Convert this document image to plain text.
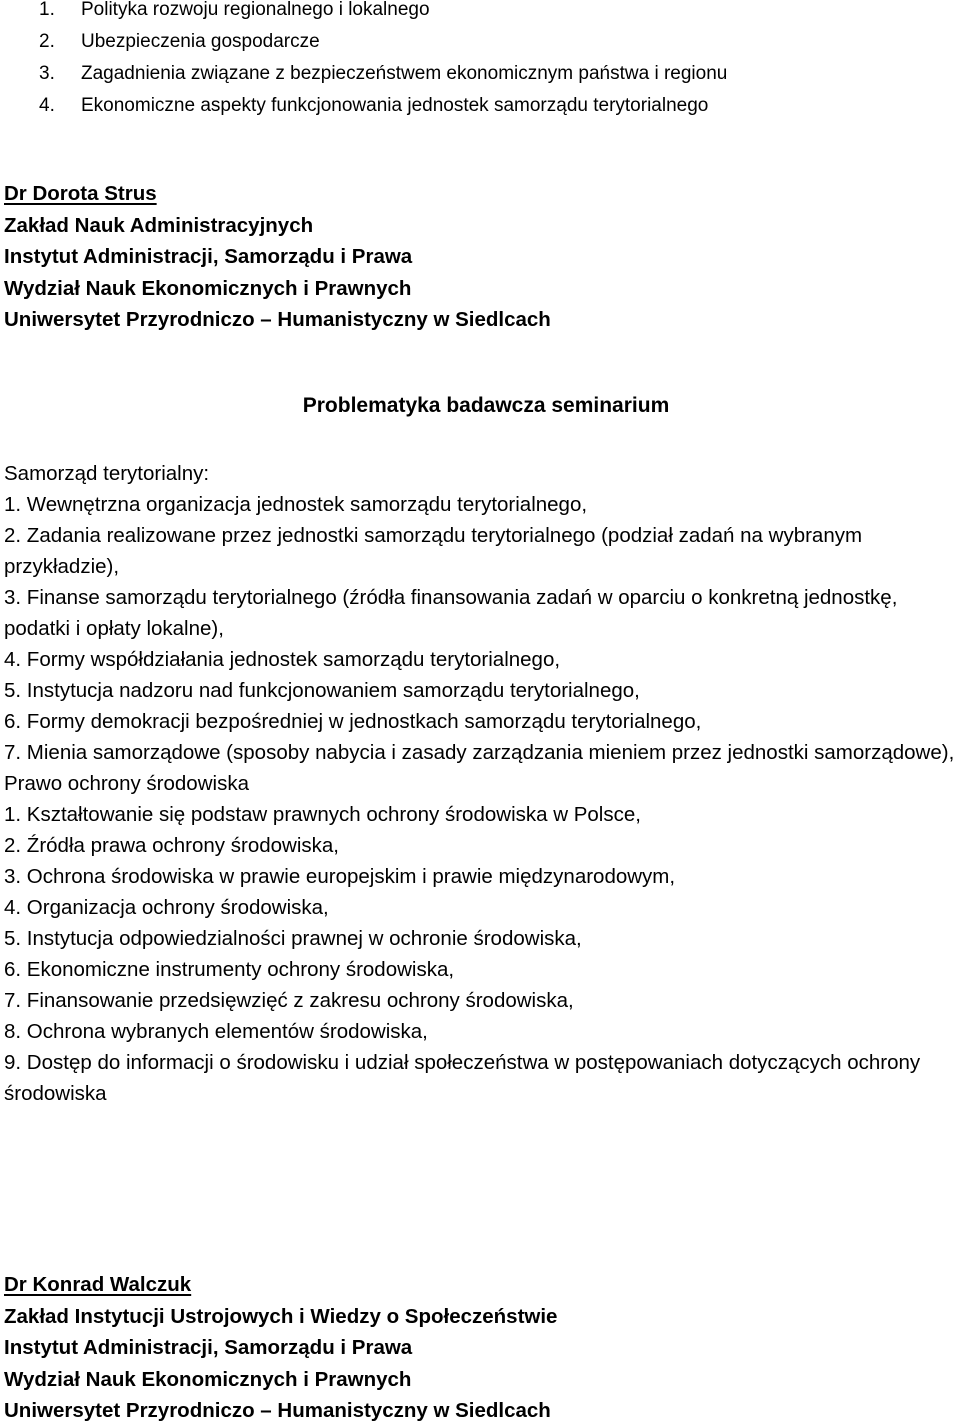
1. Polityka rozwoju regionalnego i lokalnego
2. Ubezpieczenia gospodarcze
3. Zagadnienia związane z bezpieczeństwem ekonomicznym państwa i regionu
4. Ekonomiczne aspekty funkcjonowania jednostek samorządu terytorialnego
Dr Dorota Strus
Zakład Nauk Administracyjnych
Instytut Administracji, Samorządu i Prawa
Wydział Nauk Ekonomicznych i Prawnych
Uniwersytet Przyrodniczo – Humanistyczny w Siedlcach
Problematyka badawcza seminarium
Samorząd terytorialny:
1. Wewnętrzna organizacja jednostek samorządu terytorialnego,
2. Zadania realizowane przez jednostki samorządu terytorialnego (podział zadań na wybranym przykładzie),
3. Finanse samorządu terytorialnego (źródła finansowania zadań w oparciu o konkretną jednostkę, podatki i opłaty lokalne),
4. Formy współdziałania jednostek samorządu terytorialnego,
5. Instytucja nadzoru nad funkcjonowaniem samorządu terytorialnego,
6. Formy demokracji bezpośredniej w jednostkach samorządu terytorialnego,
7. Mienia samorządowe (sposoby nabycia i zasady zarządzania mieniem przez jednostki samorządowe),
Prawo ochrony środowiska
1. Kształtowanie się podstaw prawnych ochrony środowiska w Polsce,
2. Źródła prawa ochrony środowiska,
3. Ochrona środowiska w prawie europejskim i prawie międzynarodowym,
4. Organizacja ochrony środowiska,
5. Instytucja odpowiedzialności prawnej w ochronie środowiska,
6. Ekonomiczne instrumenty ochrony środowiska,
7. Finansowanie przedsięwzięć z zakresu ochrony środowiska,
8. Ochrona wybranych elementów środowiska,
9. Dostęp do informacji o środowisku i udział społeczeństwa w postępowaniach dotyczących ochrony środowiska
Dr Konrad Walczuk
Zakład Instytucji Ustrojowych i Wiedzy o Społeczeństwie
Instytut Administracji, Samorządu i Prawa
Wydział Nauk Ekonomicznych i Prawnych
Uniwersytet Przyrodniczo – Humanistyczny w Siedlcach
